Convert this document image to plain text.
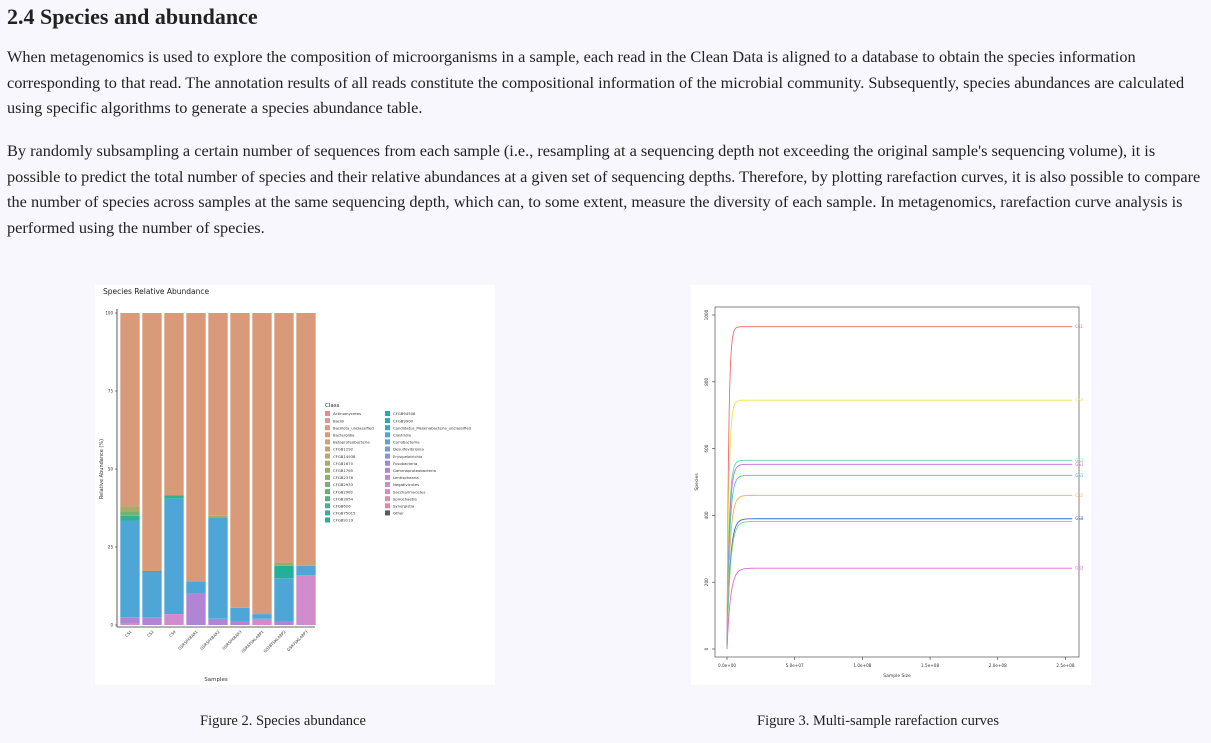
2.4 Species and abundance

When metagenomics is used to explore the composition of microorganisms in a sample, each read in the Clean Data is aligned to a database to obtain the species information corresponding to that read. The annotation results of all reads constitute the compositional information of the microbial community. Subsequently, species abundances are calculated using specific algorithms to generate a species abundance table.

By randomly subsampling a certain number of sequences from each sample (i.e., resampling at a sequencing depth not exceeding the original sample's sequencing volume), it is possible to predict the total number of species and their relative abundances at a given set of sequencing depths. Therefore, by plotting rarefaction curves, it is also possible to compare the number of species across samples at the same sequencing depth, which can, to some extent, measure the diversity of each sample. In metagenomics, rarefaction curve analysis is performed using the number of species.

Species Relative Abundance
0
25
50
75
100
Relative Abundance (%)
CS1	CS2	CS4 GSR5PXBAR1 GSR5PXBAR2 GSR5PXBAR3
GSR6TSKLABP1
GS18TSKLABP2 GSR7SKLABP3
Samples
Class
Actinomycetes
Bacilli
Bacillota_unclassified
Bacteroidia
Betaproteobacteria
CFGB1292
CFGB14938
CFGB1670
CFGB1765
CFGB2378
CFGB2933
CFGB2982
CFGB3054
CFGB626
CFGB75015
CFGB9119
CFGB94508
CFGB9900
Candidatus_Melainabacteria_unclassified
Clostridia
Coriobacteriia
Desulfovibrionia
Erysipelotrichia
Fusobacteria
Gammaproteobacteria
Lentisphaeria
Negativicutes
Saccharimycetes
Spirochaetia
Synergistia
Other
0
200
400
600
800
1000
0.0e+00	5.0e+07	1.0e+08	1.5e+08	2.0e+08	2.5e+08
Species
Sample Size
CS1
CS4
GS1
GS1
GS5
CS2
GS8
GS3
Figure 2. Species abundance	Figure 3. Multi-sample rarefaction curves
